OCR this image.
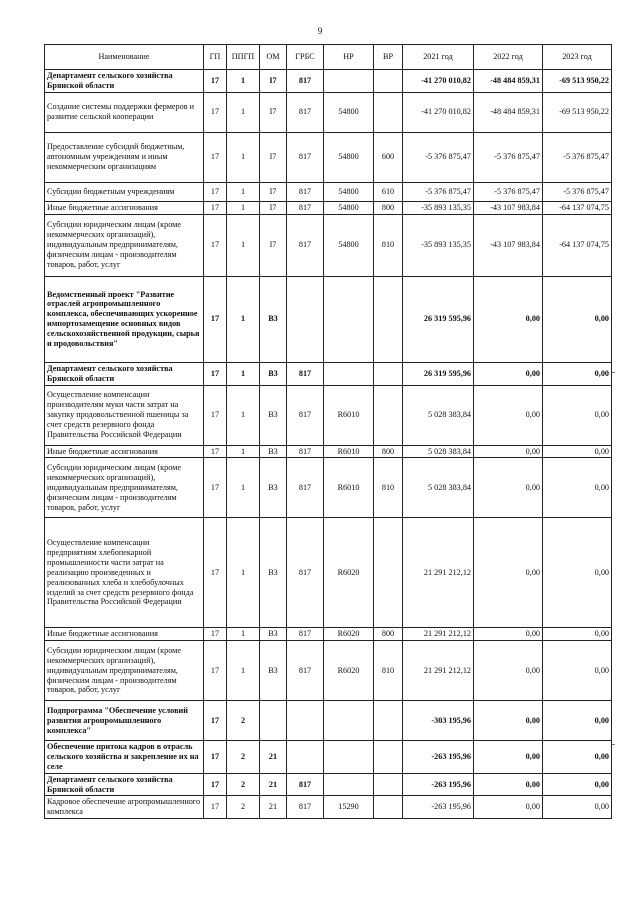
9
Наименование	ГП	ППГП	ОМ	ГРБС	НР	ВР	2021 год	2022 год	2023 год
Департамент сельского хозяйства Брянской области	17	1	I7	817			-41 270 010,82	-48 484 859,31	-69 513 950,22
Создание системы поддержки фермеров и развитие сельской кооперации	17	1	I7	817	54800		-41 270 010,82	-48 484 859,31	-69 513 950,22
Предоставление субсидий бюджетным, автономным учреждениям и иным некоммерческим организациям	17	1	I7	817	54800	600	-5 376 875,47	-5 376 875,47	-5 376 875,47
Субсидии бюджетным учреждениям	17	1	I7	817	54800	610	-5 376 875,47	-5 376 875,47	-5 376 875,47
Иные бюджетные ассигнования	17	1	I7	817	54800	800	-35 893 135,35	-43 107 983,84	-64 137 074,75
Субсидии юридическим лицам (кроме некоммерческих организаций), индивидуальным предпринимателям, физическим лицам - производителям товаров, работ, услуг	17	1	I7	817	54800	810	-35 893 135,35	-43 107 983,84	-64 137 074,75
Ведомственный проект "Развитие отраслей агропромышленного комплекса, обеспечивающих ускоренное импортозамещение основных видов сельскохозяйственной продукции, сырья и продовольствия"	17	1	В3				26 319 595,96	0,00	0,00
Департамент сельского хозяйства Брянской области	17	1	В3	817			26 319 595,96	0,00	0,00
Осуществление компенсации производителям муки части затрат на закупку продовольственной пшеницы за счет средств резервного фонда Правительства Российской Федерации	17	1	В3	817	R6010		5 028 383,84	0,00	0,00
Иные бюджетные ассигнования	17	1	В3	817	R6010	800	5 028 383,84	0,00	0,00
Субсидии юридическим лицам (кроме некоммерческих организаций), индивидуальным предпринимателям, физическим лицам - производителям товаров, работ, услуг	17	1	В3	817	R6010	810	5 028 383,84	0,00	0,00
Осуществление компенсации предприятиям хлебопекарной промышленности части затрат на реализацию произведенных и реализованных хлеба и хлебобулочных изделий за счет средств резервного фонда Правительства Российской Федерации	17	1	В3	817	R6020		21 291 212,12	0,00	0,00
Иные бюджетные ассигнования	17	1	В3	817	R6020	800	21 291 212,12	0,00	0,00
Субсидии юридическим лицам (кроме некоммерческих организаций), индивидуальным предпринимателям, физическим лицам - производителям товаров, работ, услуг	17	1	В3	817	R6020	810	21 291 212,12	0,00	0,00
Подпрограмма "Обеспечение условий развития агропромышленного комплекса"	17	2					-303 195,96	0,00	0,00
Обеспечение притока кадров в отрасль сельского хозяйства и закрепление их на селе	17	2	21				-263 195,96	0,00	0,00
Департамент сельского хозяйства Брянской области	17	2	21	817			-263 195,96	0,00	0,00
Кадровое обеспечение агропромышленного комплекса	17	2	21	817	15290		-263 195,96	0,00	0,00
